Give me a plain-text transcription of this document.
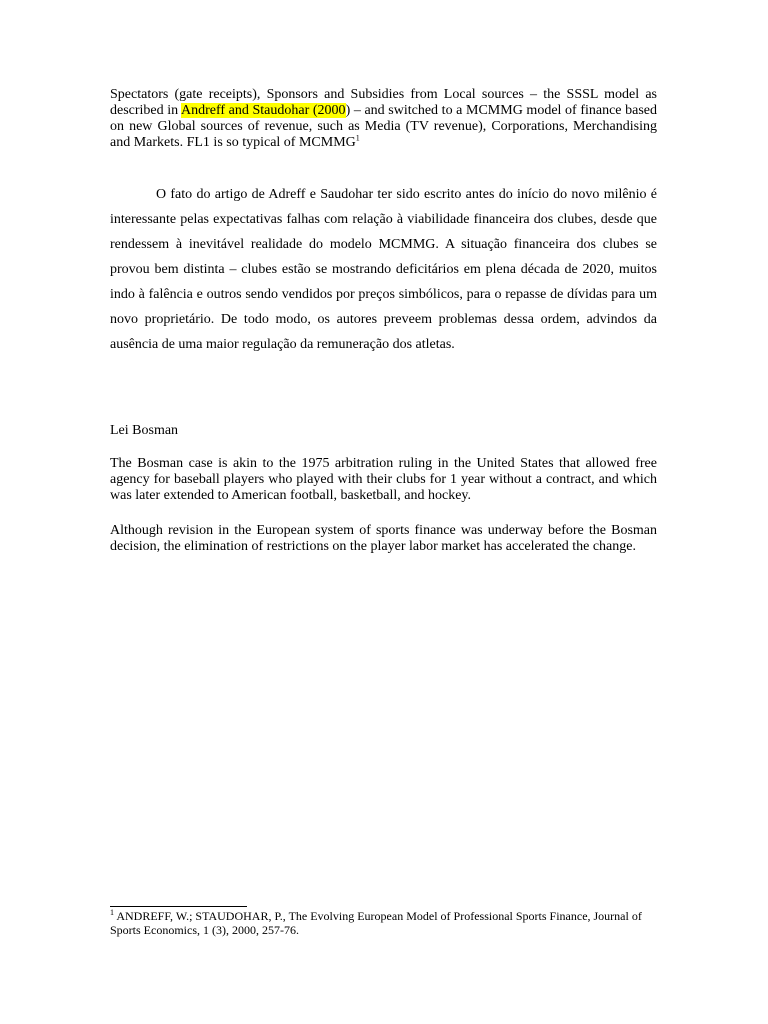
Spectators (gate receipts), Sponsors and Subsidies from Local sources – the SSSL model as described in Andreff and Staudohar (2000) – and switched to a MCMMG model of finance based on new Global sources of revenue, such as Media (TV revenue), Corporations, Merchandising and Markets. FL1 is so typical of MCMMG$^1$

O fato do artigo de Adreff e Saudohar ter sido escrito antes do início do novo milênio é interessante pelas expectativas falhas com relação à viabilidade financeira dos clubes, desde que rendessem à inevitável realidade do modelo MCMMG. A situação financeira dos clubes se provou bem distinta – clubes estão se mostrando deficitários em plena década de 2020, muitos indo à falência e outros sendo vendidos por preços simbólicos, para o repasse de dívidas para um novo proprietário. De todo modo, os autores preveem problemas dessa ordem, advindos da ausência de uma maior regulação da remuneração dos atletas.

Lei Bosman

The Bosman case is akin to the 1975 arbitration ruling in the United States that allowed free agency for baseball players who played with their clubs for 1 year without a contract, and which was later extended to American football, basketball, and hockey.

Although revision in the European system of sports finance was underway before the Bosman decision, the elimination of restrictions on the player labor market has accelerated the change.

$^1$ ANDREFF, W.; STAUDOHAR, P., The Evolving European Model of Professional Sports Finance, Journal of Sports Economics, 1 (3), 2000, 257-76.
